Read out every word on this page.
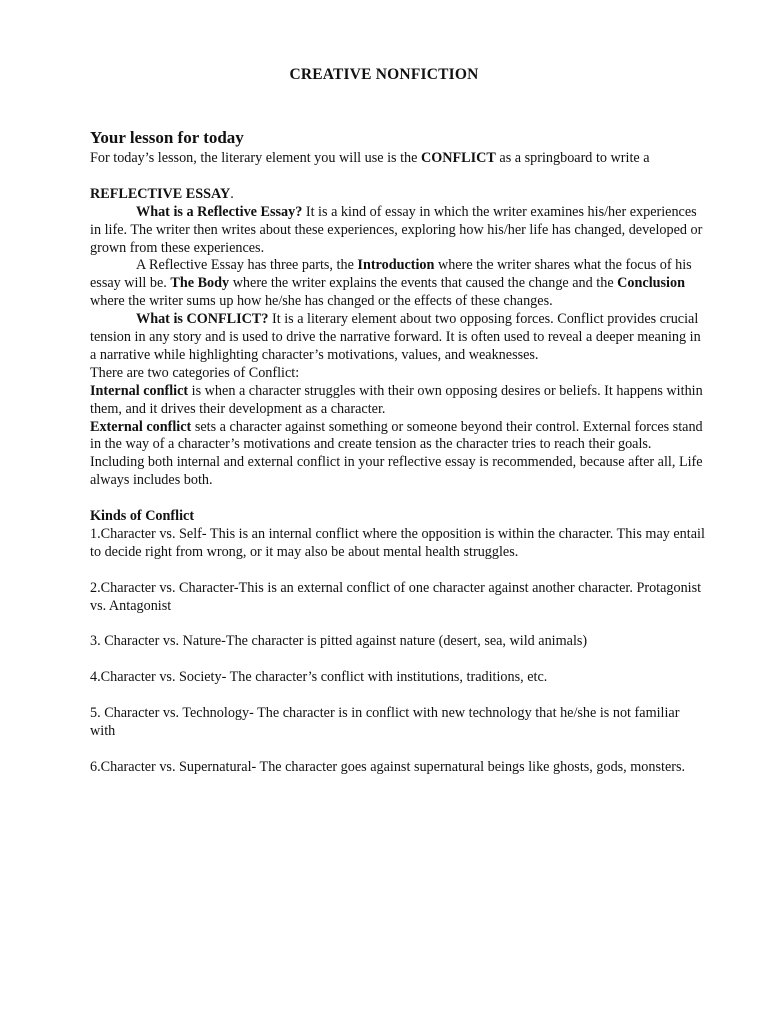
CREATIVE NONFICTION
Your lesson for today

For today’s lesson, the literary element you will use is the CONFLICT as a springboard to write a

REFLECTIVE ESSAY.

What is a Reflective Essay? It is a kind of essay in which the writer examines his/her experiences in life. The writer then writes about these experiences, exploring how his/her life has changed, developed or grown from these experiences.

A Reflective Essay has three parts, the Introduction where the writer shares what the focus of his essay will be. The Body where the writer explains the events that caused the change and the Conclusion where the writer sums up how he/she has changed or the effects of these changes.

What is CONFLICT? It is a literary element about two opposing forces. Conflict provides crucial tension in any story and is used to drive the narrative forward. It is often used to reveal a deeper meaning in a narrative while highlighting character’s motivations, values, and weaknesses.

There are two categories of Conflict:

Internal conflict is when a character struggles with their own opposing desires or beliefs. It happens within them, and it drives their development as a character.

External conflict sets a character against something or someone beyond their control. External forces stand in the way of a character’s motivations and create tension as the character tries to reach their goals.

Including both internal and external conflict in your reflective essay is recommended, because after all, Life always includes both.

Kinds of Conflict

1.Character vs. Self- This is an internal conflict where the opposition is within the character. This may entail to decide right from wrong, or it may also be about mental health struggles.

2.Character vs. Character-This is an external conflict of one character against another character. Protagonist vs. Antagonist

3. Character vs. Nature-The character is pitted against nature (desert, sea, wild animals)

4.Character vs. Society- The character’s conflict with institutions, traditions, etc.

5. Character vs. Technology- The character is in conflict with new technology that he/she is not familiar with

6.Character vs. Supernatural- The character goes against supernatural beings like ghosts, gods, monsters.
